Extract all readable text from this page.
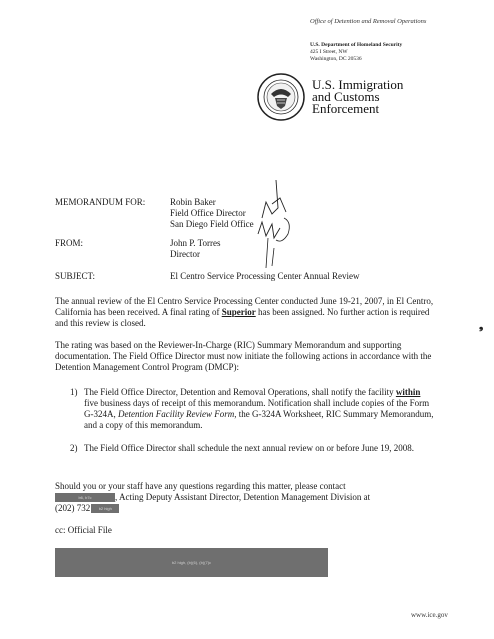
Office of Detention and Removal Operations
U.S. Department of Homeland Security
425 I Street, NW
Washington, DC 20536
U.S. Immigration
and Customs
Enforcement
MEMORANDUM FOR:	Robin Baker
Field Office Director
San Diego Field Office
FROM:	John P. Torres
Director
SUBJECT:	El Centro Service Processing Center Annual Review

The annual review of the El Centro Service Processing Center conducted June 19-21, 2007, in El Centro, California has been received. A final rating of Superior has been assigned. No further action is required and this review is closed.

The rating was based on the Reviewer-In-Charge (RIC) Summary Memorandum and supporting documentation. The Field Office Director must now initiate the following actions in accordance with the Detention Management Control Program (DMCP):

1) The Field Office Director, Detention and Removal Operations, shall notify the facility within five business days of receipt of this memorandum. Notification shall include copies of the Form G-324A, Detention Facility Review Form, the G-324A Worksheet, RIC Summary Memorandum, and a copy of this memorandum.

2) The Field Office Director shall schedule the next annual review on or before June 19, 2008.

Should you or your staff have any questions regarding this matter, please contact

b6, b7c	, Acting Deputy Assistant Director, Detention Management Division at

(202) 732 b2 high

cc: Official File

b2 high, (b)(6), (b)(7)c
❟
www.ice.gov
